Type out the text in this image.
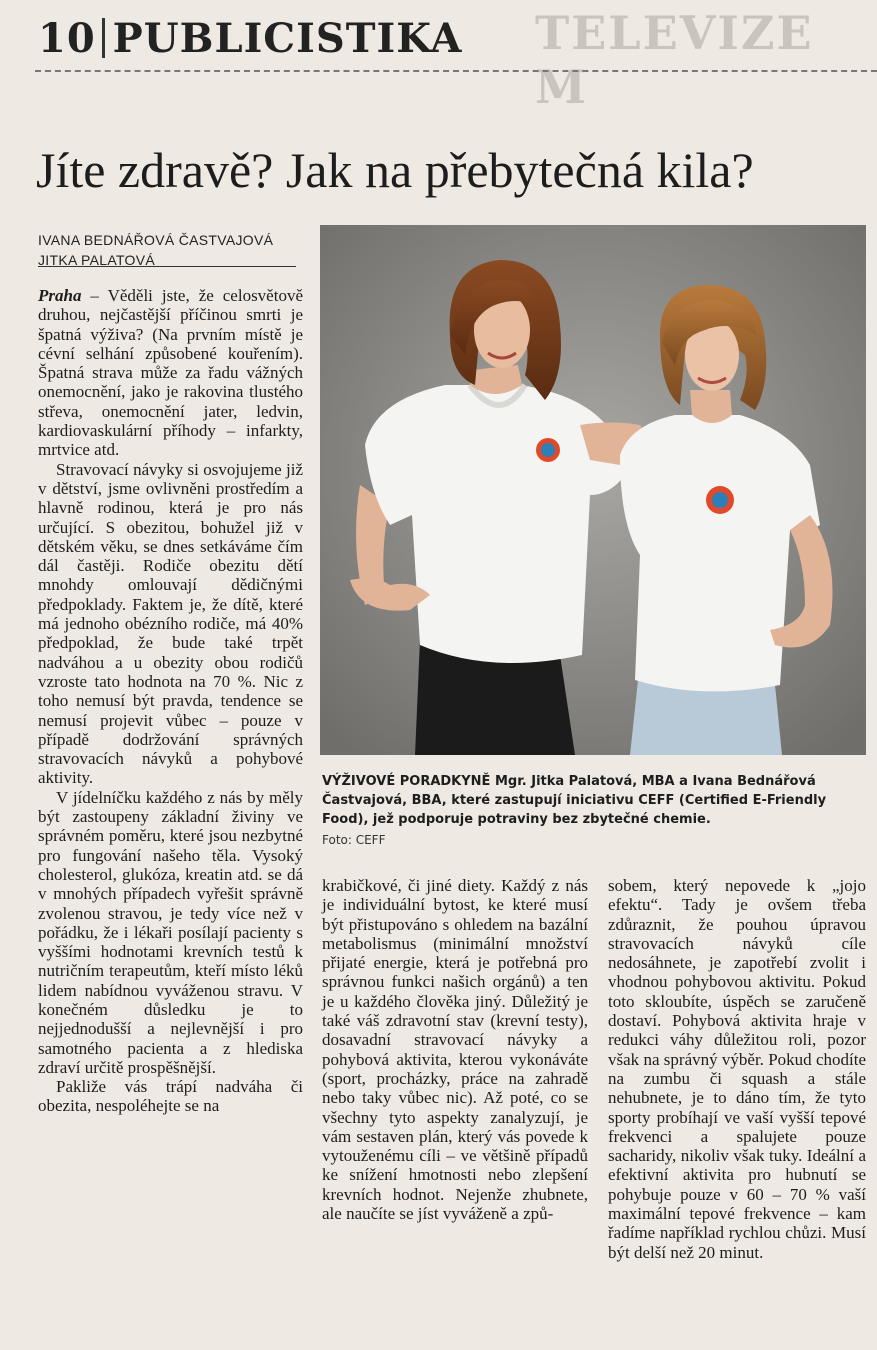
TELEVIZE M
10 PUBLICISTIKA
Jíte zdravě? Jak na přebytečná kila?
IVANA BEDNÁŘOVÁ ČASTVAJOVÁ
JITKA PALATOVÁ

Praha – Věděli jste, že celosvětově druhou, nejčastější příčinou smrti je špatná výživa? (Na prvním místě je cévní selhání způsobené kouřením). Špatná strava může za řadu vážných onemocnění, jako je rakovina tlustého střeva, onemocnění jater, ledvin, kardiovaskulární příhody – infarkty, mrtvice atd.

Stravovací návyky si osvojujeme již v dětství, jsme ovlivněni prostředím a hlavně rodinou, která je pro nás určující. S obezitou, bohužel již v dětském věku, se dnes setkáváme čím dál častěji. Rodiče obezitu dětí mnohdy omlouvají dědičnými předpoklady. Faktem je, že dítě, které má jednoho obézního rodiče, má 40% předpoklad, že bude také trpět nadváhou a u obezity obou rodičů vzroste tato hodnota na 70 %. Nic z toho nemusí být pravda, tendence se nemusí projevit vůbec – pouze v případě dodržování správných stravovacích návyků a pohybové aktivity.

V jídelníčku každého z nás by měly být zastoupeny základní živiny ve správném poměru, které jsou nezbytné pro fungování našeho těla. Vysoký cholesterol, glukóza, kreatin atd. se dá v mnohých případech vyřešit správně zvolenou stravou, je tedy více než v pořádku, že i lékaři posílají pacienty s vyššími hodnotami krevních testů k nutričním terapeutům, kteří místo léků lidem nabídnou vyváženou stravu. V konečném důsledku je to nejjednodušší a nejlevnější i pro samotného pacienta a z hlediska zdraví určitě prospěšnější.

Pakliže vás trápí nadváha či obezita, nespoléhejte se na

VÝŽIVOVÉ PORADKYNĚ Mgr. Jitka Palatová, MBA a Ivana Bednářová Častvajová, BBA, které zastupují iniciativu CEFF (Certified E-Friendly Food), jež podporuje potraviny bez zbytečné chemie.
Foto: CEFF

krabičkové, či jiné diety. Každý z nás je individuální bytost, ke které musí být přistupováno s ohledem na bazální metabolismus (minimální množství přijaté energie, která je potřebná pro správnou funkci našich orgánů) a ten je u každého člověka jiný. Důležitý je také váš zdravotní stav (krevní testy), dosavadní stravovací návyky a pohybová aktivita, kterou vykonáváte (sport, procházky, práce na zahradě nebo taky vůbec nic). Až poté, co se všechny tyto aspekty zanalyzují, je vám sestaven plán, který vás povede k vytouženému cíli – ve většině případů ke snížení hmotnosti nebo zlepšení krevních hodnot. Nejenže zhubnete, ale naučíte se jíst vyváženě a způ-

sobem, který nepovede k „jojo efektu“. Tady je ovšem třeba zdůraznit, že pouhou úpravou stravovacích návyků cíle nedosáhnete, je zapotřebí zvolit i vhodnou pohybovou aktivitu. Pokud toto skloubíte, úspěch se zaručeně dostaví. Pohybová aktivita hraje v redukci váhy důležitou roli, pozor však na správný výběr. Pokud chodíte na zumbu či squash a stále nehubnete, je to dáno tím, že tyto sporty probíhají ve vaší vyšší tepové frekvenci a spalujete pouze sacharidy, nikoliv však tuky. Ideální a efektivní aktivita pro hubnutí se pohybuje pouze v 60 – 70 % vaší maximální tepové frekvence – kam řadíme například rychlou chůzi. Musí být delší než 20 minut.
